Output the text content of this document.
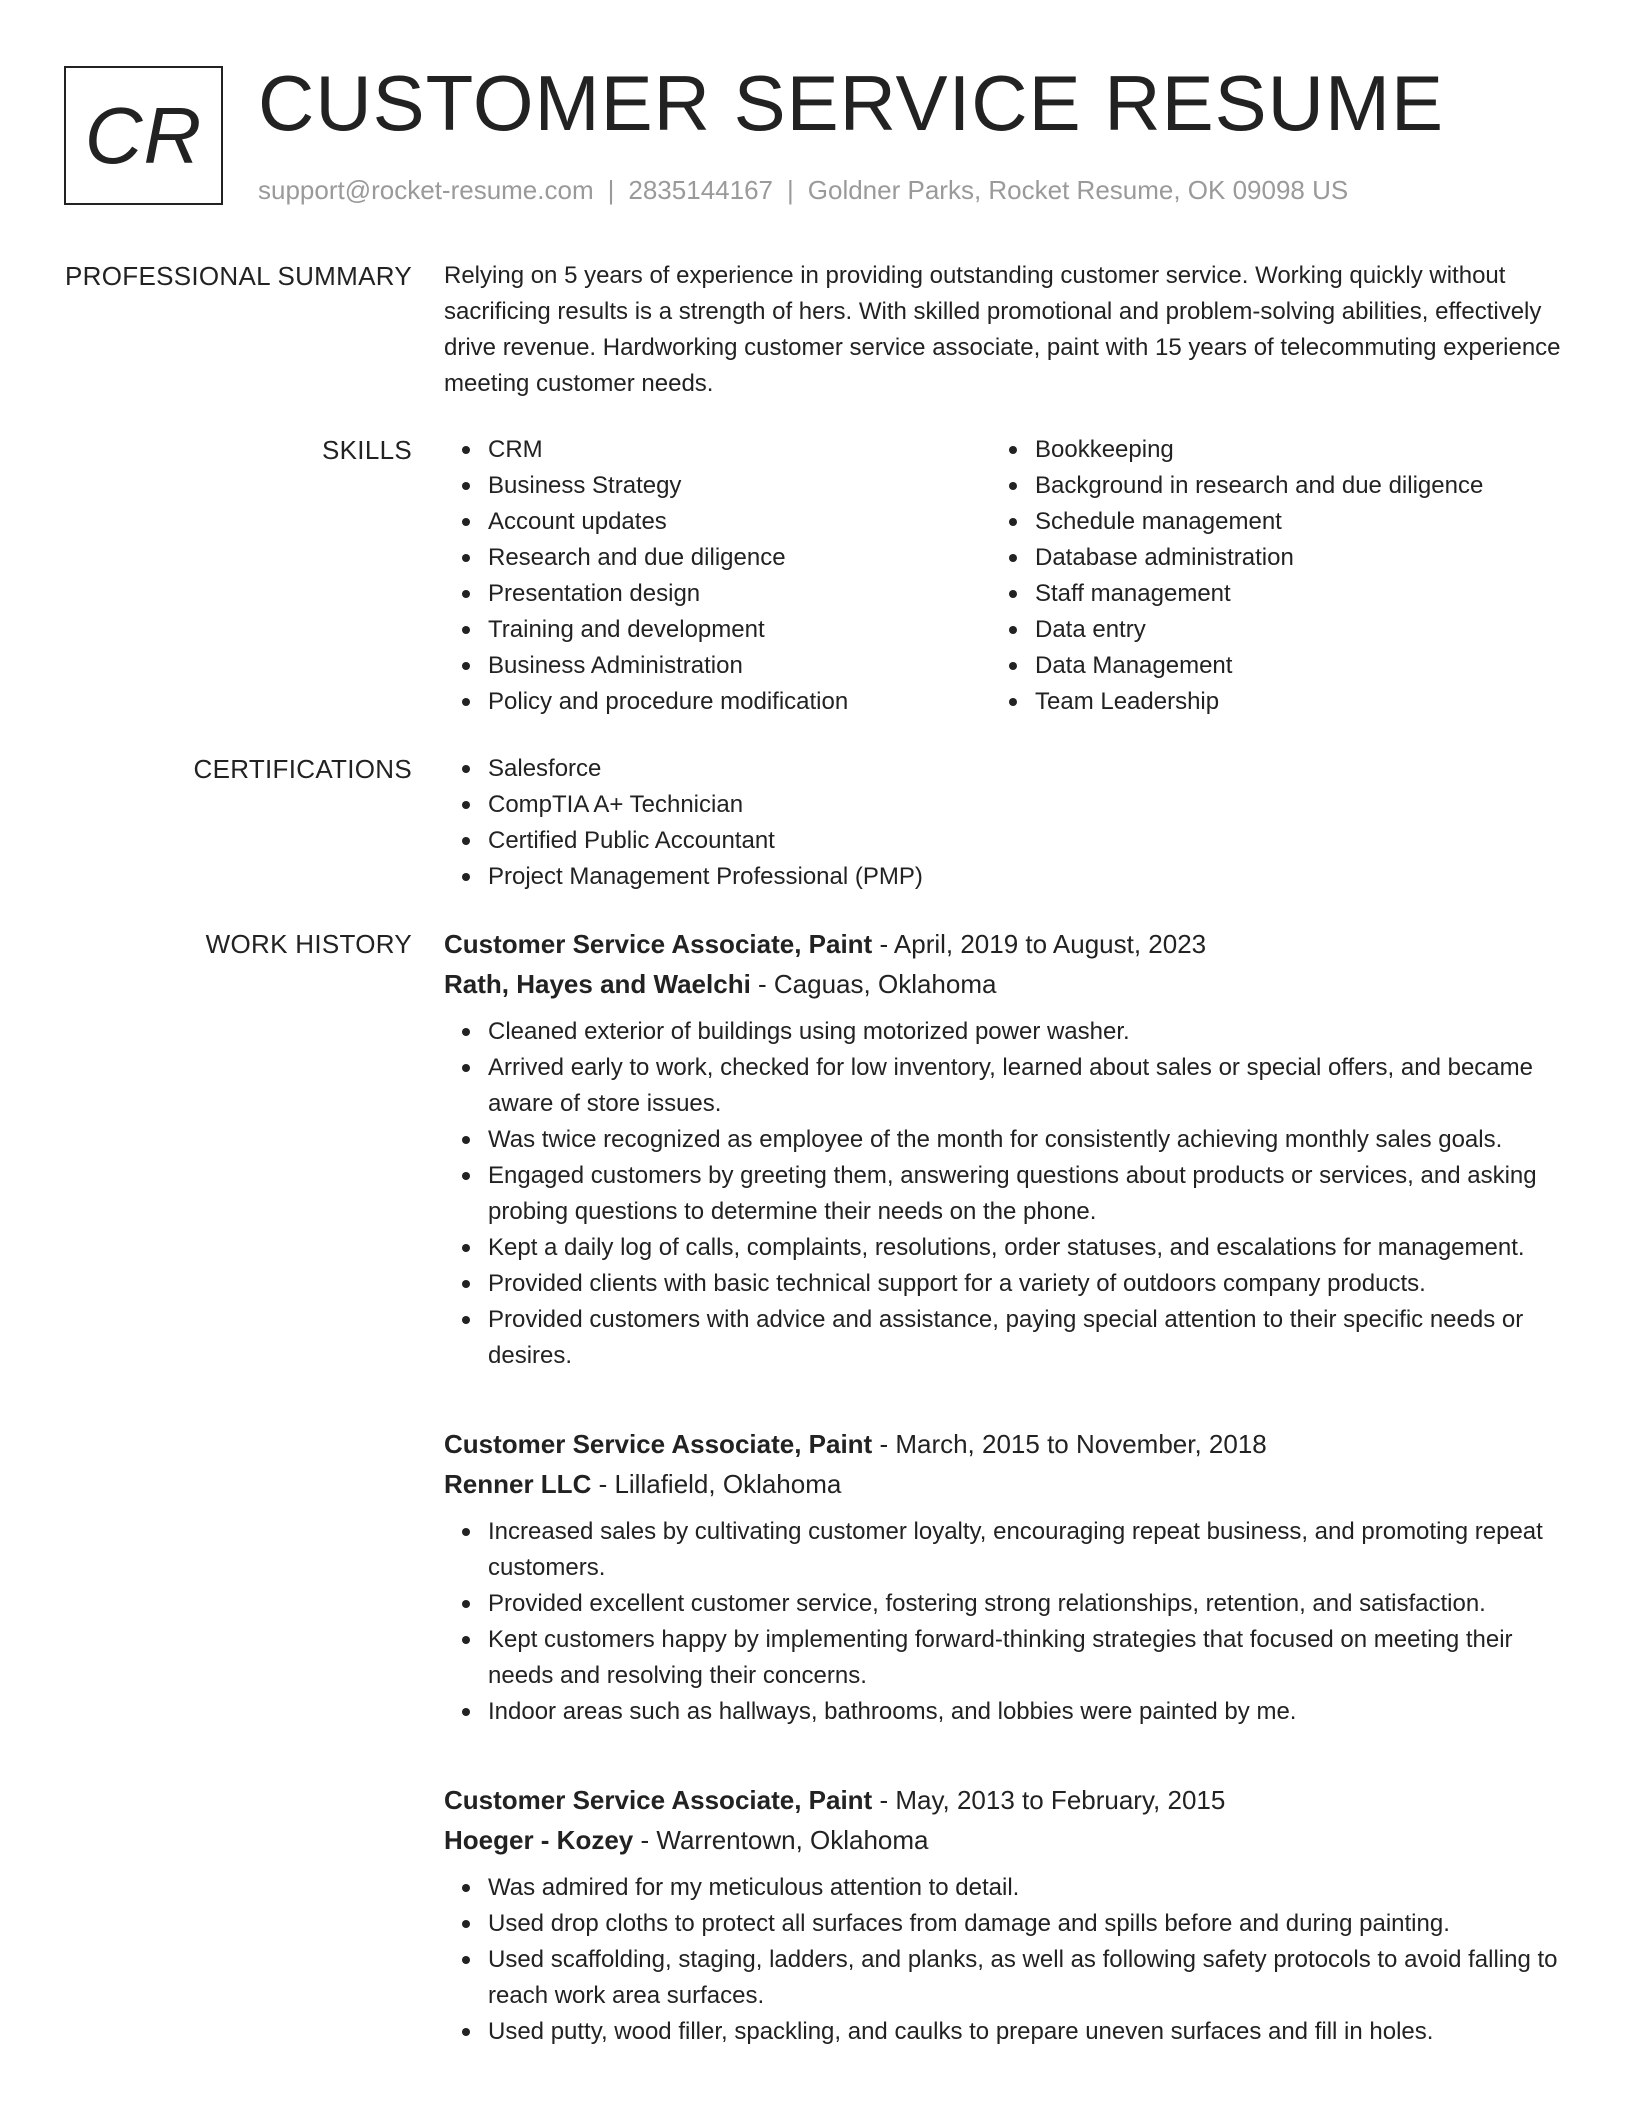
CR CUSTOMER SERVICE RESUME
support@rocket-resume.com | 2835144167 | Goldner Parks, Rocket Resume, OK 09098 US
PROFESSIONAL SUMMARY Relying on 5 years of experience in providing outstanding customer service. Working quickly without sacrificing results is a strength of hers. With skilled promotional and problem-solving abilities, effectively drive revenue. Hardworking customer service associate, paint with 15 years of telecommuting experience meeting customer needs.

SKILLS	CRM
Business Strategy
Account updates
Research and due diligence
Presentation design
Training and development
Business Administration
Policy and procedure modification
Bookkeeping
Background in research and due diligence
Schedule management
Database administration
Staff management
Data entry
Data Management
Team Leadership
CERTIFICATIONS	Salesforce
CompTIA A+ Technician
Certified Public Accountant
Project Management Professional (PMP)
WORK HISTORY Customer Service Associate, Paint - April, 2019 to August, 2023
Rath, Hayes and Waelchi - Caguas, Oklahoma
Cleaned exterior of buildings using motorized power washer.
Arrived early to work, checked for low inventory, learned about sales or special offers, and became aware of store issues.
Was twice recognized as employee of the month for consistently achieving monthly sales goals.
Engaged customers by greeting them, answering questions about products or services, and asking probing questions to determine their needs on the phone.
Kept a daily log of calls, complaints, resolutions, order statuses, and escalations for management.
Provided clients with basic technical support for a variety of outdoors company products.
Provided customers with advice and assistance, paying special attention to their specific needs or desires.
Customer Service Associate, Paint - March, 2015 to November, 2018
Renner LLC - Lillafield, Oklahoma
Increased sales by cultivating customer loyalty, encouraging repeat business, and promoting repeat customers.
Provided excellent customer service, fostering strong relationships, retention, and satisfaction.
Kept customers happy by implementing forward-thinking strategies that focused on meeting their needs and resolving their concerns.
Indoor areas such as hallways, bathrooms, and lobbies were painted by me.
Customer Service Associate, Paint - May, 2013 to February, 2015
Hoeger - Kozey - Warrentown, Oklahoma
Was admired for my meticulous attention to detail.
Used drop cloths to protect all surfaces from damage and spills before and during painting.
Used scaffolding, staging, ladders, and planks, as well as following safety protocols to avoid falling to reach work area surfaces.
Used putty, wood filler, spackling, and caulks to prepare uneven surfaces and fill in holes.
